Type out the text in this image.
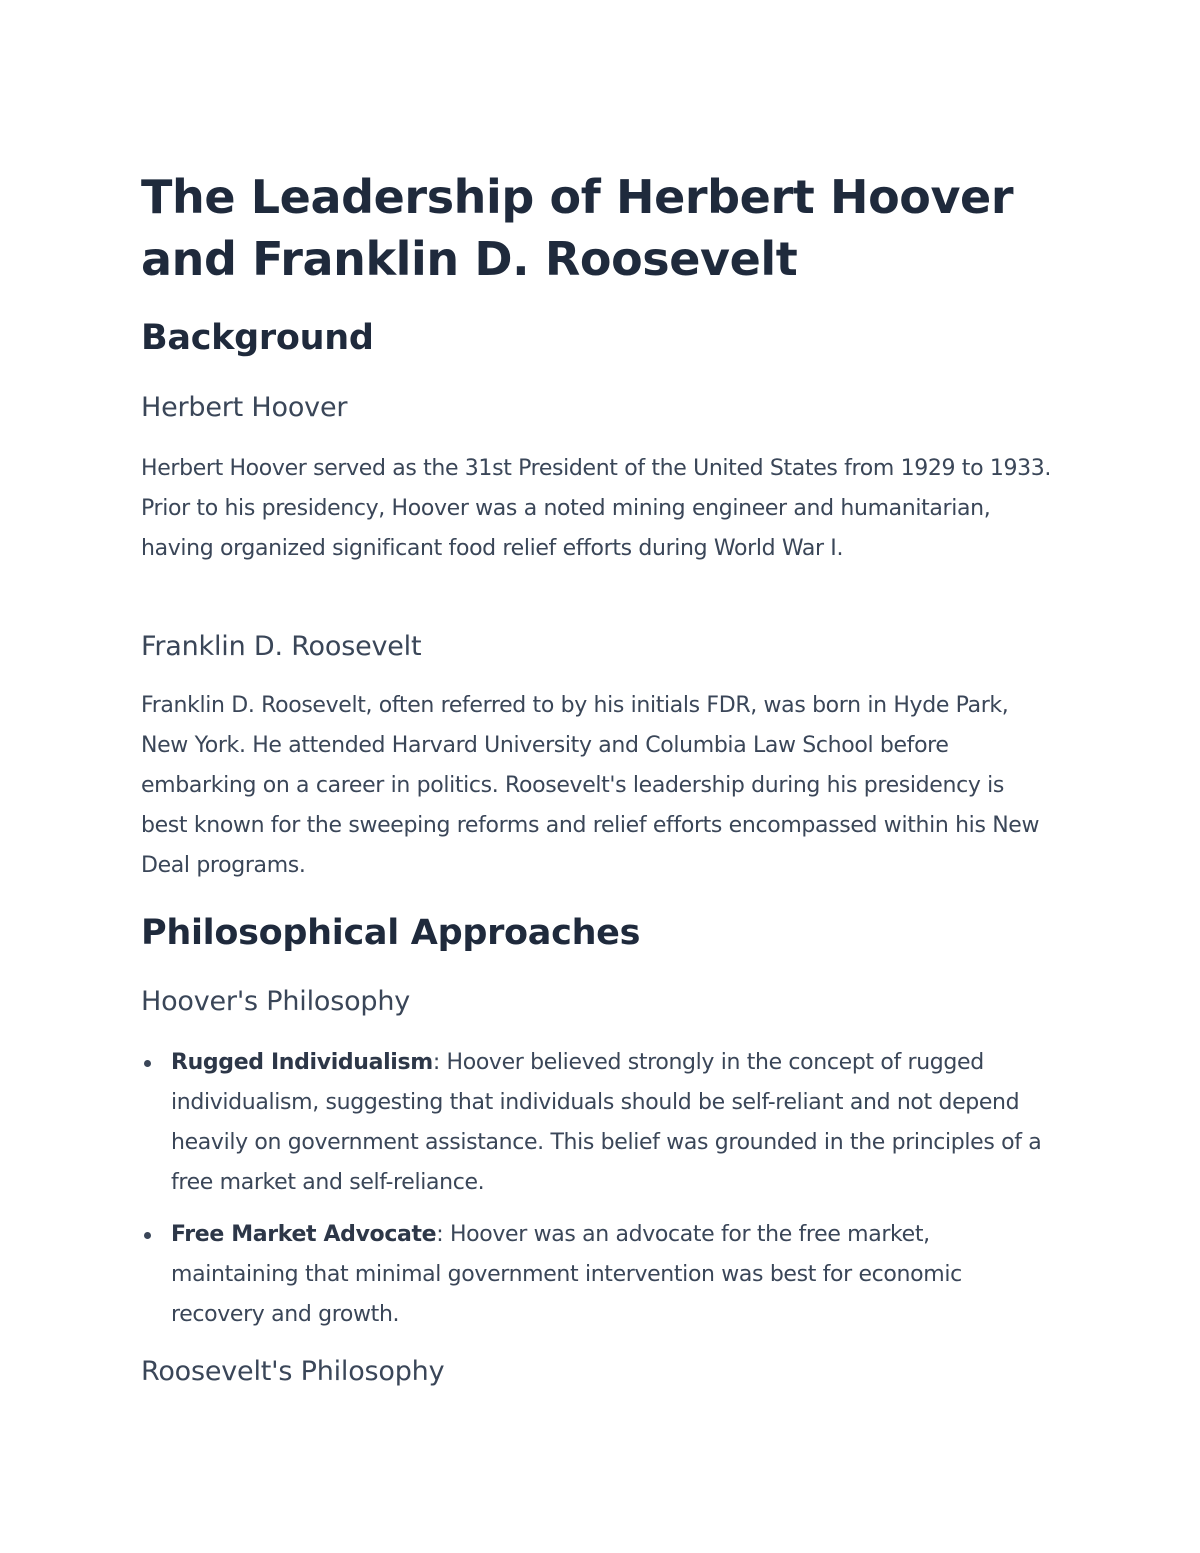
The Leadership of Herbert Hoover and Franklin D. Roosevelt
Background
Herbert Hoover

Herbert Hoover served as the 31st President of the United States from 1929 to 1933. Prior to his presidency, Hoover was a noted mining engineer and humanitarian, having organized significant food relief efforts during World War I.

Franklin D. Roosevelt

Franklin D. Roosevelt, often referred to by his initials FDR, was born in Hyde Park, New York. He attended Harvard University and Columbia Law School before embarking on a career in politics. Roosevelt's leadership during his presidency is best known for the sweeping reforms and relief efforts encompassed within his New Deal programs.

Philosophical Approaches
Hoover's Philosophy
Rugged Individualism: Hoover believed strongly in the concept of rugged individualism, suggesting that individuals should be self-reliant and not depend heavily on government assistance. This belief was grounded in the principles of a free market and self-reliance.
Free Market Advocate: Hoover was an advocate for the free market, maintaining that minimal government intervention was best for economic recovery and growth.
Roosevelt's Philosophy
